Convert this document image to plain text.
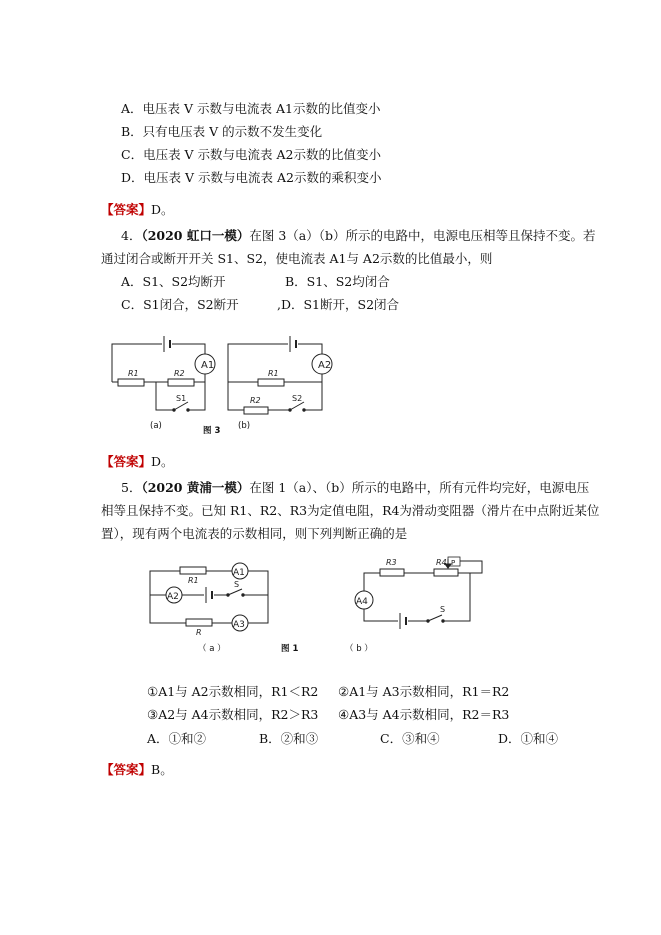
A．电压表 V 示数与电流表 A1示数的比值变小
B．只有电压表 V 的示数不发生变化
C．电压表 V 示数与电流表 A2示数的比值变小
D．电压表 V 示数与电流表 A2示数的乘积变小
【答案】D。
4．（2020 虹口一模）在图 3（a）（b）所示的电路中，电源电压相等且保持不变。若
通过闭合或断开开关 S1、S2，使电流表 A1与 A2示数的比值最小，则
A．S1、S2均断开	B．S1、S2均闭合
C．S1闭合，S2断开	,D．S1断开，S2闭合
A1
R1	R2
S1
A2
R1
R2	S2
(a)	图 3 (b)
【答案】D。
5．（2020 黄浦一模）在图 1（a）、（b）所示的电路中，所有元件均完好，电源电压
相等且保持不变。已知 R1、R2、R3为定值电阻，R4为滑动变阻器（滑片在中点附近某位
置），现有两个电流表的示数相同，则下列判断正确的是
A1
A2
A3
R1
R
S
A4
R3	R4 P
S
（ a ）	图 1	（ b ）
①A1与 A2示数相同，R1＜R2 ②A1与 A3示数相同，R1＝R2
③A2与 A4示数相同，R2＞R3 ④A3与 A4示数相同，R2＝R3
A．①和②	B．②和③	C．③和④	D．①和④
【答案】B。
